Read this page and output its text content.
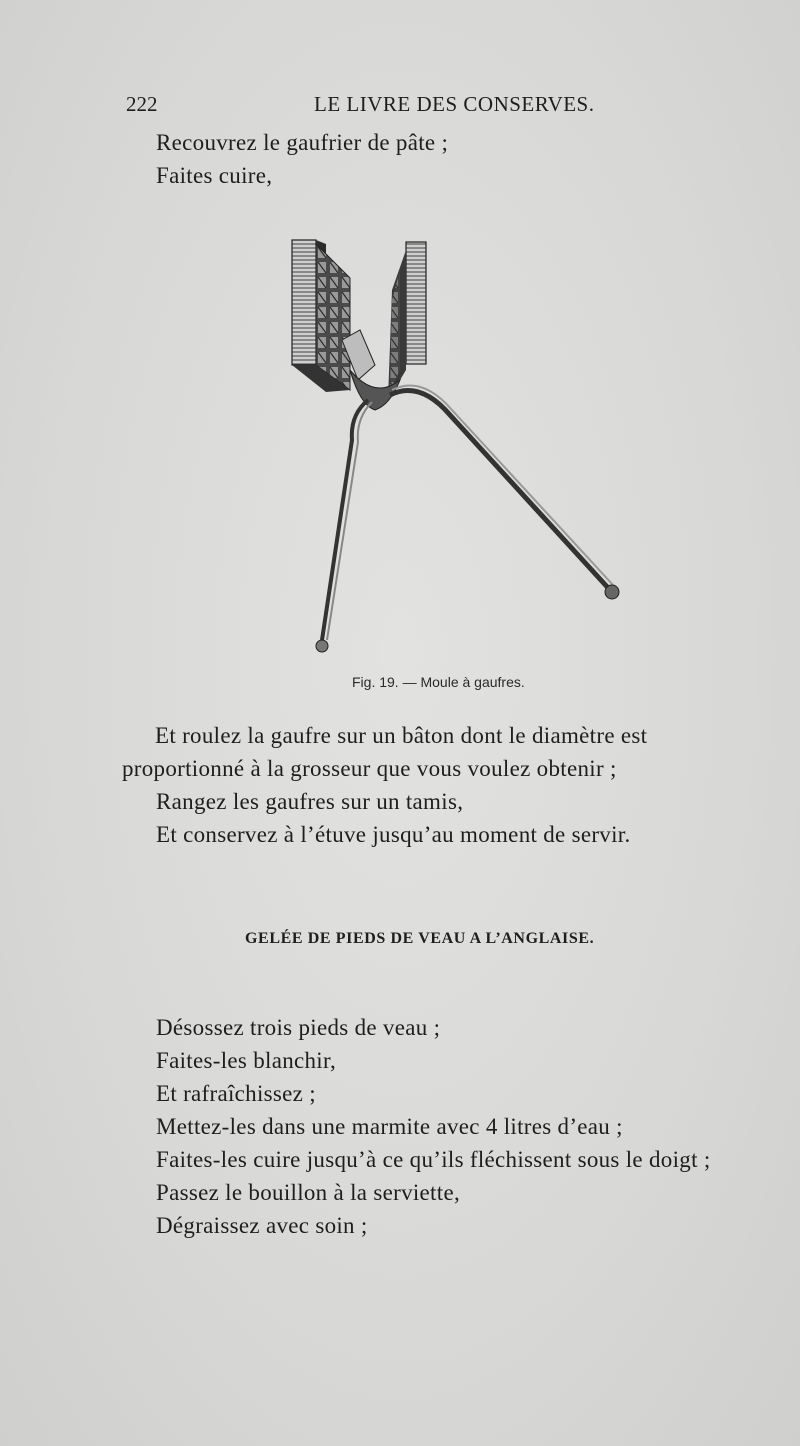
222	LE LIVRE DES CONSERVES.
Recouvrez le gaufrier de pâte ;
Faites cuire,
Fig. 19. — Moule à gaufres.
Et roulez la gaufre sur un bâton dont le diamètre est
proportionné à la grosseur que vous voulez obtenir ;
Rangez les gaufres sur un tamis,
Et conservez à l’étuve jusqu’au moment de servir.
GELÉE DE PIEDS DE VEAU A L’ANGLAISE.
Désossez trois pieds de veau ;
Faites-les blanchir,
Et rafraîchissez ;
Mettez-les dans une marmite avec 4 litres d’eau ;
Faites-les cuire jusqu’à ce qu’ils fléchissent sous le doigt ;
Passez le bouillon à la serviette,
Dégraissez avec soin ;
